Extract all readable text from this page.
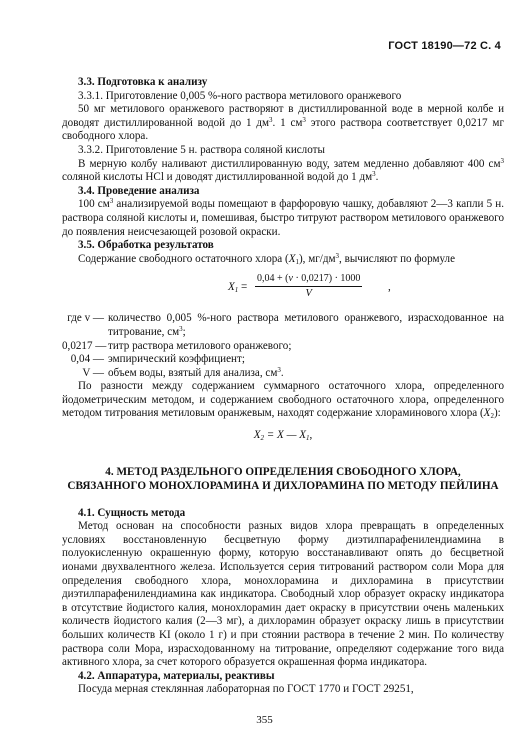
ГОСТ 18190—72 С. 4

3.3. Подготовка к анализу

3.3.1. Приготовление 0,005 %-ного раствора метилового оранжевого

50 мг метилового оранжевого растворяют в дистиллированной воде в мерной колбе и доводят дистиллированной водой до 1 $дм^3$. 1 $см^3$ этого раствора соответствует 0,0217 мг свободного хлора.

3.3.2. Приготовление 5 н. раствора соляной кислоты

В мерную колбу наливают дистиллированную воду, затем медленно добавляют 400 $см^3$ соляной кислоты HCl и доводят дистиллированной водой до 1 $дм^3$.

3.4. Проведение анализа

100 $см^3$ анализируемой воды помещают в фарфоровую чашку, добавляют 2—3 капли 5 н. раствора соляной кислоты и, помешивая, быстро титруют раствором метилового оранжевого до появления неисчезающей розовой окраски.

3.5. Обработка результатов

Содержание свободного остаточного хлора $(X_1)$, $мг/дм^3$, вычисляют по формуле

$X_1 = \frac{0,04 + (v \cdot 0,0217) \cdot 1000}{V}$ ,
где v — количество 0,005 %-ного раствора метилового оранжевого, израсходованное на титрование, $см^3$;
0,0217 — титр раствора метилового оранжевого;
0,04 — эмпирический коэффициент;
V — объем воды, взятый для анализа, $см^3$.

По разности между содержанием суммарного остаточного хлора, определенного йодометрическим методом, и содержанием свободного остаточного хлора, определенного методом титрования метиловым оранжевым, находят содержание хлораминового хлора $(X_2)$:

$X_2 = X$ — $X_1$,
4. МЕТОД РАЗДЕЛЬНОГО ОПРЕДЕЛЕНИЯ СВОБОДНОГО ХЛОРА,
СВЯЗАННОГО МОНОХЛОРАМИНА И ДИХЛОРАМИНА ПО МЕТОДУ ПЕЙЛИНА

4.1. Сущность метода

Метод основан на способности разных видов хлора превращать в определенных условиях восстановленную бесцветную форму диэтилпарафенилендиамина в полуокисленную окрашенную форму, которую восстанавливают опять до бесцветной ионами двухвалентного железа. Используется серия титрований раствором соли Мора для определения свободного хлора, монохлорамина и дихлорамина в присутствии диэтилпарафенилендиамина как индикатора. Свободный хлор образует окраску индикатора в отсутствие йодистого калия, монохлорамин дает окраску в присутствии очень маленьких количеств йодистого калия (2—3 мг), а дихлорамин образует окраску лишь в присутствии больших количеств KI (около 1 г) и при стоянии раствора в течение 2 мин. По количеству раствора соли Мора, израсходованному на титрование, определяют содержание того вида активного хлора, за счет которого образуется окрашенная форма индикатора.

4.2. Аппаратура, материалы, реактивы

Посуда мерная стеклянная лабораторная по ГОСТ 1770 и ГОСТ 29251,

355
